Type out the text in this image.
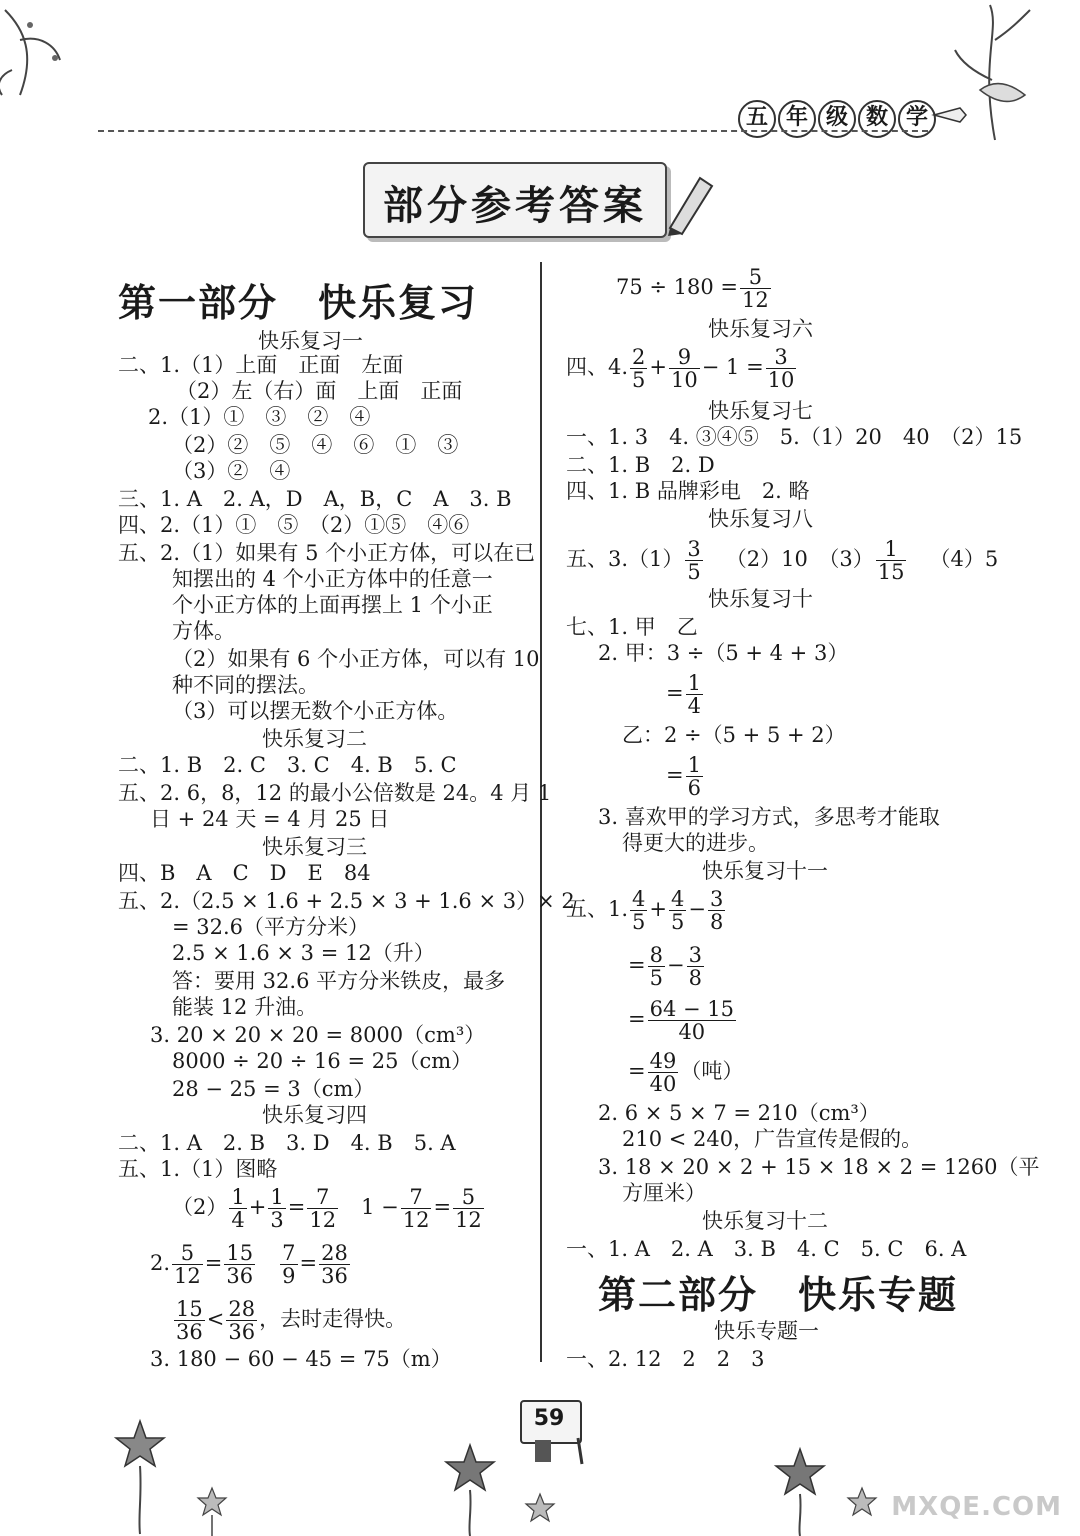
五 年 级 数 学
部分参考答案
第一部分　快乐复习
快乐复习一
二、1.（1）上面　正面　左面
（2）左（右）面　上面　正面
2.（1）①　③　②　④
（2）②　⑤　④　⑥　①　③
（3）②　④
三、1. A　2. A，D　A，B，C　A　3. B
四、2.（1）①　⑤　（2）①⑤　④⑥
五、2.（1）如果有 5 个小正方体，可以在已
知摆出的 4 个小正方体中的任意一
个小正方体的上面再摆上 1 个小正
方体。
（2）如果有 6 个小正方体，可以有 10
种不同的摆法。
（3）可以摆无数个小正方体。
快乐复习二
二、1. B　2. C　3. C　4. B　5. C
五、2. 6，8，12 的最小公倍数是 24。4 月 1
日 + 24 天 = 4 月 25 日
快乐复习三
四、B　A　C　D　E　84
五、2.（2.5 × 1.6 + 2.5 × 3 + 1.6 × 3）× 2
= 32.6（平方分米）
2.5 × 1.6 × 3 = 12（升）
答：要用 32.6 平方分米铁皮，最多
能装 12 升油。
3. 20 × 20 × 20 = 8000（cm³）
8000 ÷ 20 ÷ 16 = 25（cm）
28 − 25 = 3（cm）
快乐复习四
二、1. A　2. B　3. D　4. B　5. A
五、1.（1）图略
$(2) \frac{1}{4} + \frac{1}{3} = \frac{7}{12}$
  $1 - \frac{7}{12} = \frac{5}{12}$
2. $\frac{5}{12} = \frac{15}{36}$
  $\frac{7}{9} = \frac{28}{36}$
$\frac{15}{36} < \frac{28}{36}$ ，去时走得快。
3. 180 − 60 − 45 = 75（m）
$75 \div 180 = \frac{5}{12}$
快乐复习六
四、4. $\frac{2}{5} + \frac{9}{10} - 1 = \frac{3}{10}$
快乐复习七
一、1. 3　4. ③④⑤　5.（1）20　40　（2）15
二、1. B　2. D
四、1. B 品牌彩电　2. 略
快乐复习八
五、$3.(1) \frac{3}{5}$
  （2）10　$(3) \frac{1}{15}$
  （4）5
快乐复习十
七、1. 甲　乙
2. 甲：3 ÷（5 + 4 + 3）
= $\frac{1}{4}$
乙：2 ÷（5 + 5 + 2）
= $\frac{1}{6}$
3. 喜欢甲的学习方式，多思考才能取
得更大的进步。
快乐复习十一
五、1. $\frac{4}{5} + \frac{4}{5} - \frac{3}{8}$
= $\frac{8}{5} - \frac{3}{8}$
= $\frac{64 - 15}{40}$
= $\frac{49}{40}$ （吨）
2. 6 × 5 × 7 = 210（cm³）
210 < 240，广告宣传是假的。
3. 18 × 20 × 2 + 15 × 18 × 2 = 1260（平
方厘米）
快乐复习十二
一、1. A　2. A　3. B　4. C　5. C　6. A
第二部分　快乐专题
快乐专题一
一、2. 12　2　2　3
59
MXQE.COM
